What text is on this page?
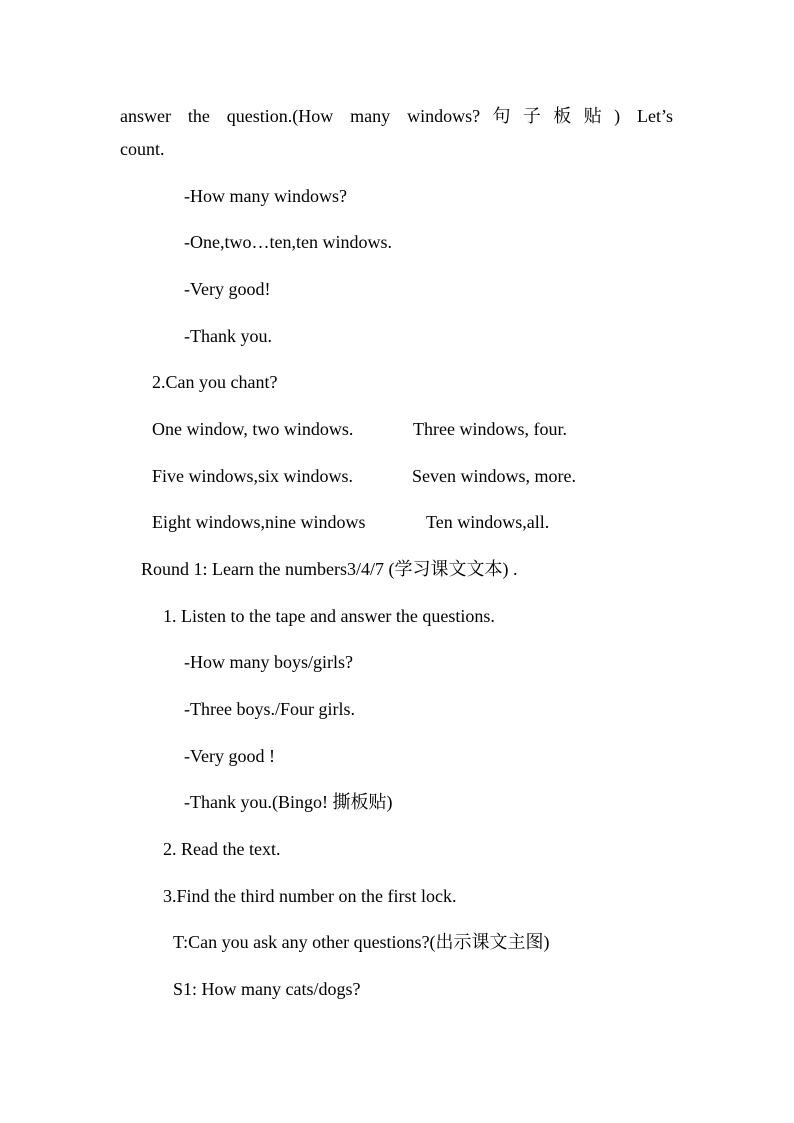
answer the question.(How many windows?句子板贴) Let’s
count.
-How many windows?
-One,two…ten,ten windows.
-Very good!
-Thank you.
2.Can you chant?
One window, two windows.	Three windows, four.
Five windows,six windows.	Seven windows, more.
Eight windows,nine windows	Ten windows,all.
Round 1: Learn the numbers3/4/7 (学习课文文本) .
1. Listen to the tape and answer the questions.
-How many boys/girls?
-Three boys./Four girls.
-Very good !
-Thank you.(Bingo! 撕板贴)
2. Read the text.
3.Find the third number on the first lock.
T:Can you ask any other questions?(出示课文主图)
S1: How many cats/dogs?
